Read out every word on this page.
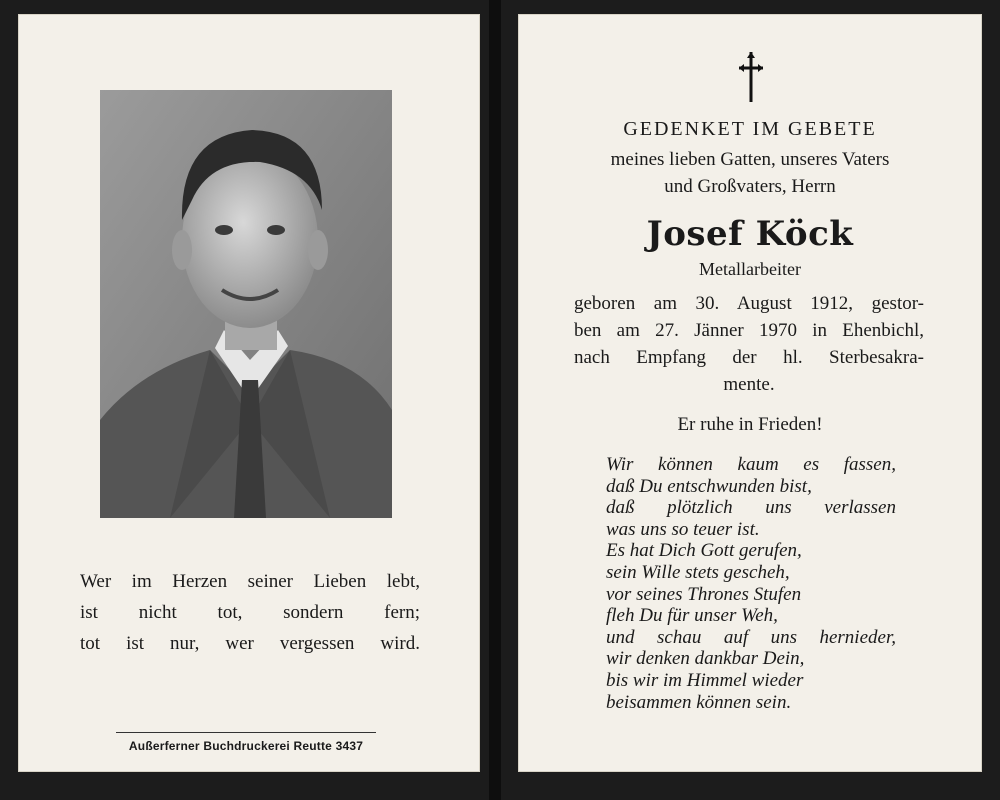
Wer im Herzen seiner Lieben lebt,
ist nicht tot, sondern fern;
tot ist nur, wer vergessen wird.
Außerferner Buchdruckerei Reutte 3437
GEDENKET IM GEBETE
meines lieben Gatten, unseres Vaters
und Großvaters, Herrn
Josef Köck
Metallarbeiter
geboren am 30. August 1912, gestor-
ben am 27. Jänner 1970 in Ehenbichl,
nach Empfang der hl. Sterbesakra-
mente.
Er ruhe in Frieden!
Wir können kaum es fassen,
daß Du entschwunden bist,
daß plötzlich uns verlassen
was uns so teuer ist.
Es hat Dich Gott gerufen,
sein Wille stets gescheh,
vor seines Thrones Stufen
fleh Du für unser Weh,
und schau auf uns hernieder,
wir denken dankbar Dein,
bis wir im Himmel wieder
beisammen können sein.
